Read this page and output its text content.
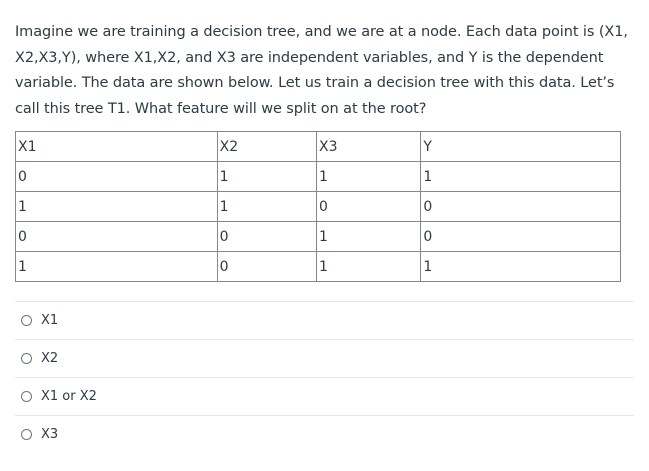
Imagine we are training a decision tree, and we are at a node. Each data point is (X1, X2,X3,Y), where X1,X2, and X3 are independent variables, and Y is the dependent variable. The data are shown below. Let us train a decision tree with this data. Let’s call this tree T1. What feature will we split on at the root?

X1	X2	X3	Y
0	1	1	1
1	1	0	0
0	0	1	0
1	0	1	1
X1
X2
X1 or X2
X3
